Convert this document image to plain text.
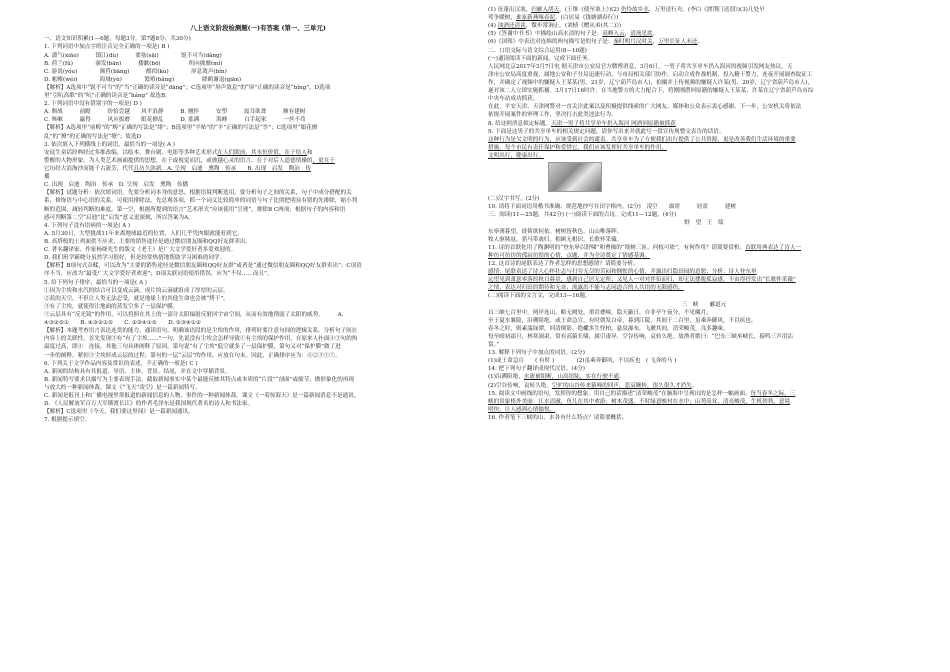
八上语文阶段检测题(一)有答案 (第一、三单元)
一、语文知识积累(1—6题，每题3分，第7题8分，共30分)
1. 下列词语中加点字的注音完全正确的一项是( B )
A. 潇气(xiāo)　　　镇江(dù)　　　要塞(sāi)　　　　锐不可当(dǎng)
B. 荷兰(fù)　　　　颁发(bān)　　　搂歉(bō)　　　　　所向披靡(mǐ)
C. 游说(yóu)　　　　颠舀(bāng)　　　酷似(kù)　　　　屏息敛声(bǐn)
D. 帐帷(wéi)　　　　海域(yù)　　　　繁殖(bǎng)　　　　　降鹤谢退(qiān)
【解析】A选项中“锐不可当”的“当”正确的读音是“dāng”；C选项里“屏声敛息”的“屏”正确的读音是“bǐng”，D选项
里“引吭高歌”的“吭”正确的读音是“háng” 故选B。
2. 下列词语中没有错别字的一项是( D )
A. 颓战　　　前瞻　　　纷恰尝越　　风平浪静　　　B. 翘怀　　　安塑　　　震耳欲聋　　　额有建树
C. 咳嗽　　　赢得　　　风应拔磨　　眼花撩乱　　　D. 涨满　　　海峰　　　白手起家　　　一丝不苟
【解析】A选项里“前畴”的“畴”正确的写法是“绯”；B选项里“平贴”的“平”正确的写法是“孪”；C选项里“眼花撩
乱”的“撩”的正确的写法是“缭”；故选D
3. 依次填入下列横线上的词语，最恰当的一项是( A )
安徒生童话经典经过多维改编，以绘本、舞台剧、电影等多种艺术形式在人们眼前，其永恒价值，在于给人和
警醒的人物形象，为人类艺术画面提供的思想，在于或视觉而沉，或彼越心灵的语言，在于对后人道德情操的，更在于
它历经大浪淘沙而能千古流芳，代代且历久弥新。A. 呈现　启迪　熏陶　传承　　B. 出现　启发　陶冶　传
播
C. 出现　启迪　陶冶　传承　D. 呈现　启发　熏陶　传播
【解析】试题分析：依次填词语。先要分析词本身的意思，根据语境判断选用，要分析句子之间的关系，句子中成分搭配的关
系，修饰语与中心语的关系。可使用排除法，先总观各项，抓一个词义比较简单的词语与句子比照把明显有错的先排除，缩小判
断的范围，减轻判断的难度。第一空，根据所提到的语言“艺术形式”应该使用“呈现”，排除B C两项；根据句子的内容和语
感可判断第二空“启迪”比“启发”意义更深刻，所以答案为A。
4. 下列句子没有语病的一项是( A )
A. 5月30日，大型挑战11年来离地球最近的位置，人们几乎凭肉眼就能看到它。
B. 高塔般的土鸡面供不应求，主要的销售途径是通过微信朋友圈和QQ好友群卖出。
C. 著名翻译家、作家杨绛先生的版文《老王》是广大文学爱好者多爱欢迎的。
D. 我们班学霸晓分虽然学习很好，但是经常热情地帮助学习困难的同学。
【解析】B项句式杂糅，可以改为“主要的销售途径是微信朋友圈和QQ好友群”或者是“通过微信朋友圈和QQ好友群卖出”；C项语
序不当，应改为“最受广大文学爱好者欢迎”；D项关联词语使用错误，应为“不仅……而且”。
5. 给下列句子排序，最恰当的一项是( A )
①因为尘埃和水汽的结合可以变成云滴，成片的云滴就组成了厚厚的云层。
②蓝的天空，不但让人类无法忍受，就是地球上的其他生命也会被“烤干”。
③有了尘埃，就使得注地面的蒸发空多了一层保护膜。
⑤云层具有“反光镜”的作用，可以将照在其上的一部分太阳辐射反射回宇宙空间，从而有效地削弱了太阳的威势。　　　A.
④③②⑤①　　B. ④③②①⑤　　C. ②③④①⑤　　D. ⑤③④①②
【解析】本题考查语言表达连贯的能力，通读语句，明确该语段的是尘埃的作用，排列时要注意句间的逻辑关系。分析句子间在
内容上的关联性，首先发现③有“有了尘埃……”一句，先说没有尘埃会怎样导致①有尘埃的保护作用，在原来人扑面④③句的热
温度过高，即④　连接，其他三句具体阐释了原因。第句说“有了尘埃”低空就多了一层保护膜，第句又对“保护膜”做了进
一步的阐释，紧扣③尘埃形成云层的过程；第句的一层“云层”的作用，应放在句末。因此，正确排序应为：④②③①⑤。
6. 下列关于文学作品内容及常识的表述，不正确的一项是( C )
A. 新闻的结构具有其报道、导语、主体、背景、结尾，并在文中穿插背景。
B. 新闻特写要求以描写为主要表现手法，截取新闻事实中某个最能反映其特点或本质的“片段”“剖面”或细节，做形象化的再现
与放大的一种新闻体裁。课文《“飞天”凌空》是一篇新闻特写。
C. 新闻是报刊上和广播电视里常报道的新闻信息的人物、事件的一种新闻体裁。课文《一着惊海天》是一篇新闻消息不是通讯。
D. 《人民解放军百万大军横渡长江》的作者毛泽东是我国现代著名的诗人和书法家。
【解析】C选项里《今天，我们要这里闯》是一篇新闻通讯。
7. 根据提示填空。
(1) 征蓬出汉塞，归雁入胡天。(王维《使至塞上》)(2) 仍怜故乡水，万里送行舟。(李白《渡荆门送别》)(3)几处早
莺争暖树，谁家新燕啄春泥。(白居易《钱塘湖春行》)
(4) 浊酒还清谈，微步常涧止。(刘桢《赠从弟(其二)》)
(5)《答谢中书书》中描绘山高水清的句子是：高峰入云，清流见底。
(6)《国殇》中表达对连绵的两句描写是的句子是：秦时明月汉时关，万里长征人未还。
二、口语交际与语文综合运用(8—10题)
(一)通读阅读下面的新闻，完成下面任务。
人民网北京2017年3月7日电 据天津市公安局官方微博消息，3月6日，一男子将共享单车扔入海河的视频引发网友热议，天
津市公安局高度重视，属地公安和子分局迅速行动，与市局相关部门协作，启动合成作战机制，投入精干警力，连夜开展调查取证工
作，并确定了视频中的嫌疑人王某某(男，21岁，辽宁葫芦岛市人)，拍摄并上传视频的嫌疑人许某(男，20岁，辽宁省葫芦岛市人)，
遂对该二人立即实施抓捕。3月17日16时许，在当地警方的大力配合下，将刚刚潜回原籍的嫌疑人王某某，许某在辽宁省葫芦岛市综
中央车站成功抓获。
在此，平安天津、天津网警对一直关注此案以及积极提供线索的广大网友、媒体和公众表示衷心感谢。下一步，公安机关将依法
依规开展案件的审理工作，坚决打击此类违法行为。
8. 给这则消息拟定标题。天津一男子将共享单车扔入海河 网酒回原籍被抓获
9. 下面是这男子的共享单车的相关规定问题，请你写出来并就此写一段宣传规整文表告的话语。
这种行为是欠文明的行为，应该受到社会的谴责。共享单车为了方便我们出行提供了公共资源，更是改善我们生活环境的重要
措施，每个市民有责任保护和爱惜它，我们应该发挥好共享单车的作用，
文明出行，健康出行。
(二)汉字书写。(2分)
10. 请将下面词语用楷书准确、规范地抄写在田字格内。(2分)　凌空　　霹雳　　　轻盈　　　建树
三、阅读(11—25题，共42分) (一)阅读下面的古诗，完成11—12题。(4分)
野　望　王　绩
东皋薄暮望，徙倚欲何依。树树皆秋色，山山唯落晖。
牧人驱犊返，猎马带禽归。相顾无相识，长歌怀采薇。
11. 诗的首联化用了陶渊明的“登东皋以舒啸”和曹操的“绕树三匝，何枝可依”，有何作用？请简要赏析。首联用典表达了诗人一
种彷可彷彷的孤寂彷徨的心情，点题；并为全诗奠定了情感基调。
12. 这首诗的尾联表达了作者怎样的思想感情？请简要分析。
感情：尾联表达了诗人心怀壮志与扫穷无尽的苦闷和惆怅的心情，并露出归隐田园的意愿；分析：诗人登东皋
远望见到萧瑟零落的秋日暮景，感到自己居无定所；又见人一对对伴侣而归，却无法摆脱孤寂感，不由得抒发出“长歌怀采薇”
之情，表达对归田的期待和无奈，流露出不能与志同道合的人共语的无限感伤。
(二)阅读下面的文言文，完成13—16题。
三　峡　　郦道元
自三峡七百里中，两岸连山，略无阙处。重岩叠嶂，隐天蔽日，自非亭午夜分，不见曦月。
至于夏水襄陵，沿溯阻绝。或王命急宣，有时朝发白帝，暮到江陵，其间千二百里，虽乘奔御风，不以疾也。
春冬之时，则素湍绿潭，回清倒影。绝巘多生怪柏，悬泉瀑布，飞漱其间，清荣峻茂，良多趣味。
每至晴初霜旦，林寒涧肃，常有高猿长啸，属引凄异，空谷传响，哀转久绝。故渔者歌曰：“巴东三峡巫峡长，猿鸣三声泪沾
裳。”
13. 解释下列句子中加点的词语。(2分)
(1)或王命急宣　　( 有时 )　　　　(2)虽乘奔御风，不以疾也　( 飞奔的马 )
14. 把下列句子翻译成现代汉语。(4分)
(1)沿溯阻绝，水流被阻断，山高崖陡，实在行驶不通。
(2)空谷传响，哀转久绝。空旷的山谷传来猿啼的回声，悲哀婉转，很久很久才消失。
15. 阅读文中画线的语句，发挥你的想象，用自己的话描述“清荣峻茂”在脑海中呈现出的是怎样一幅画面。每当春冬之际，三
峡的景象格外美丽：江水清澈，鱼儿在其中欢游；树木茂盛，不时绿意映衬在水中；山势高耸，清亮峻茂，生机勃勃，意境
明快，让人感到心情愉悦。
16. 作者笔下三峡的山、水各有什么特点？请简要概括。
